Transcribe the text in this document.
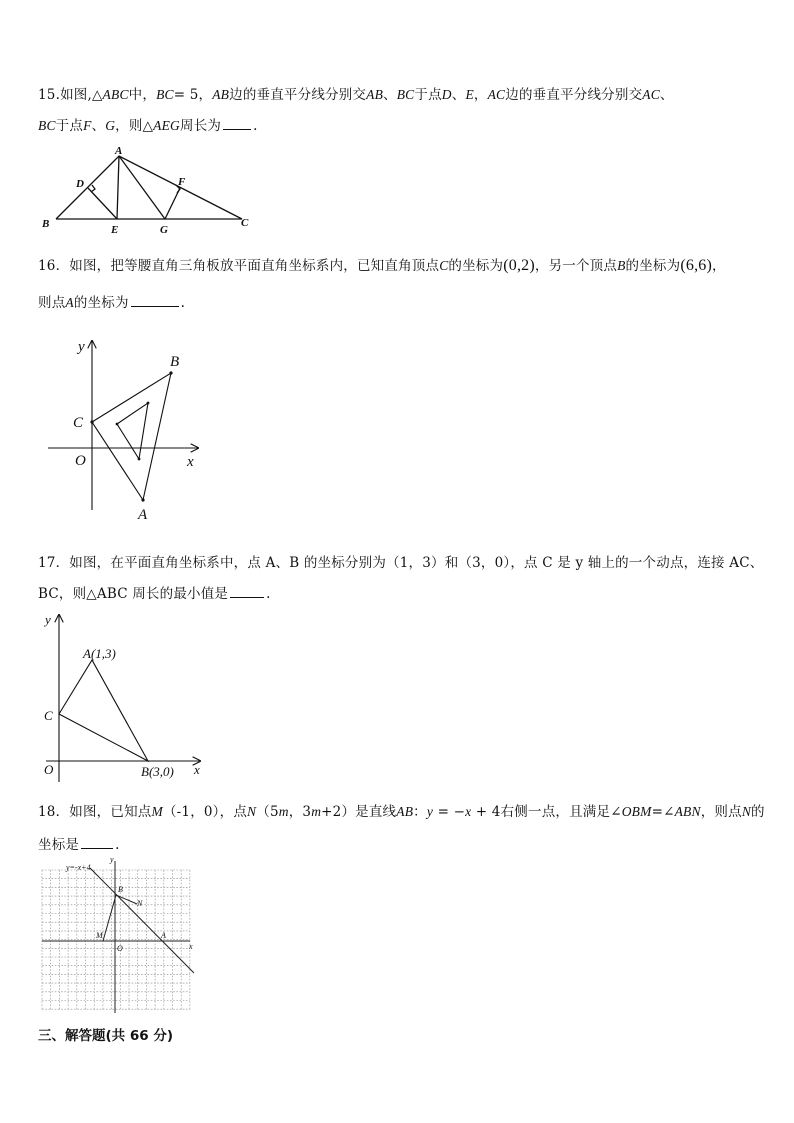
15.如图,△ABC中，BC= 5，AB边的垂直平分线分别交AB、BC于点D、E，AC边的垂直平分线分别交AC、
BC于点F、G，则△AEG周长为 .
A
D	F
B	E	G
C
16．如图，把等腰直角三角板放平面直角坐标系内，已知直角顶点C的坐标为(0,2)，另一个顶点B的坐标为(6,6)，
则点A的坐标为	.
y
B
C
O	x
A
17．如图，在平面直角坐标系中，点 A、B 的坐标分别为（1，3）和（3，0），点 C 是 y 轴上的一个动点，连接 AC、
BC，则△ABC 周长的最小值是	.
y
A(1,3)
C
O	B(3,0) x
18．如图，已知点M（-1，0），点N（5m，3m+2）是直线AB：y = −x + 4右侧一点，且满足∠OBM=∠ABN，则点N的
坐标是	.
y=-x+4
y
B
N
M	A
O	x
三、解答题(共 66 分)
